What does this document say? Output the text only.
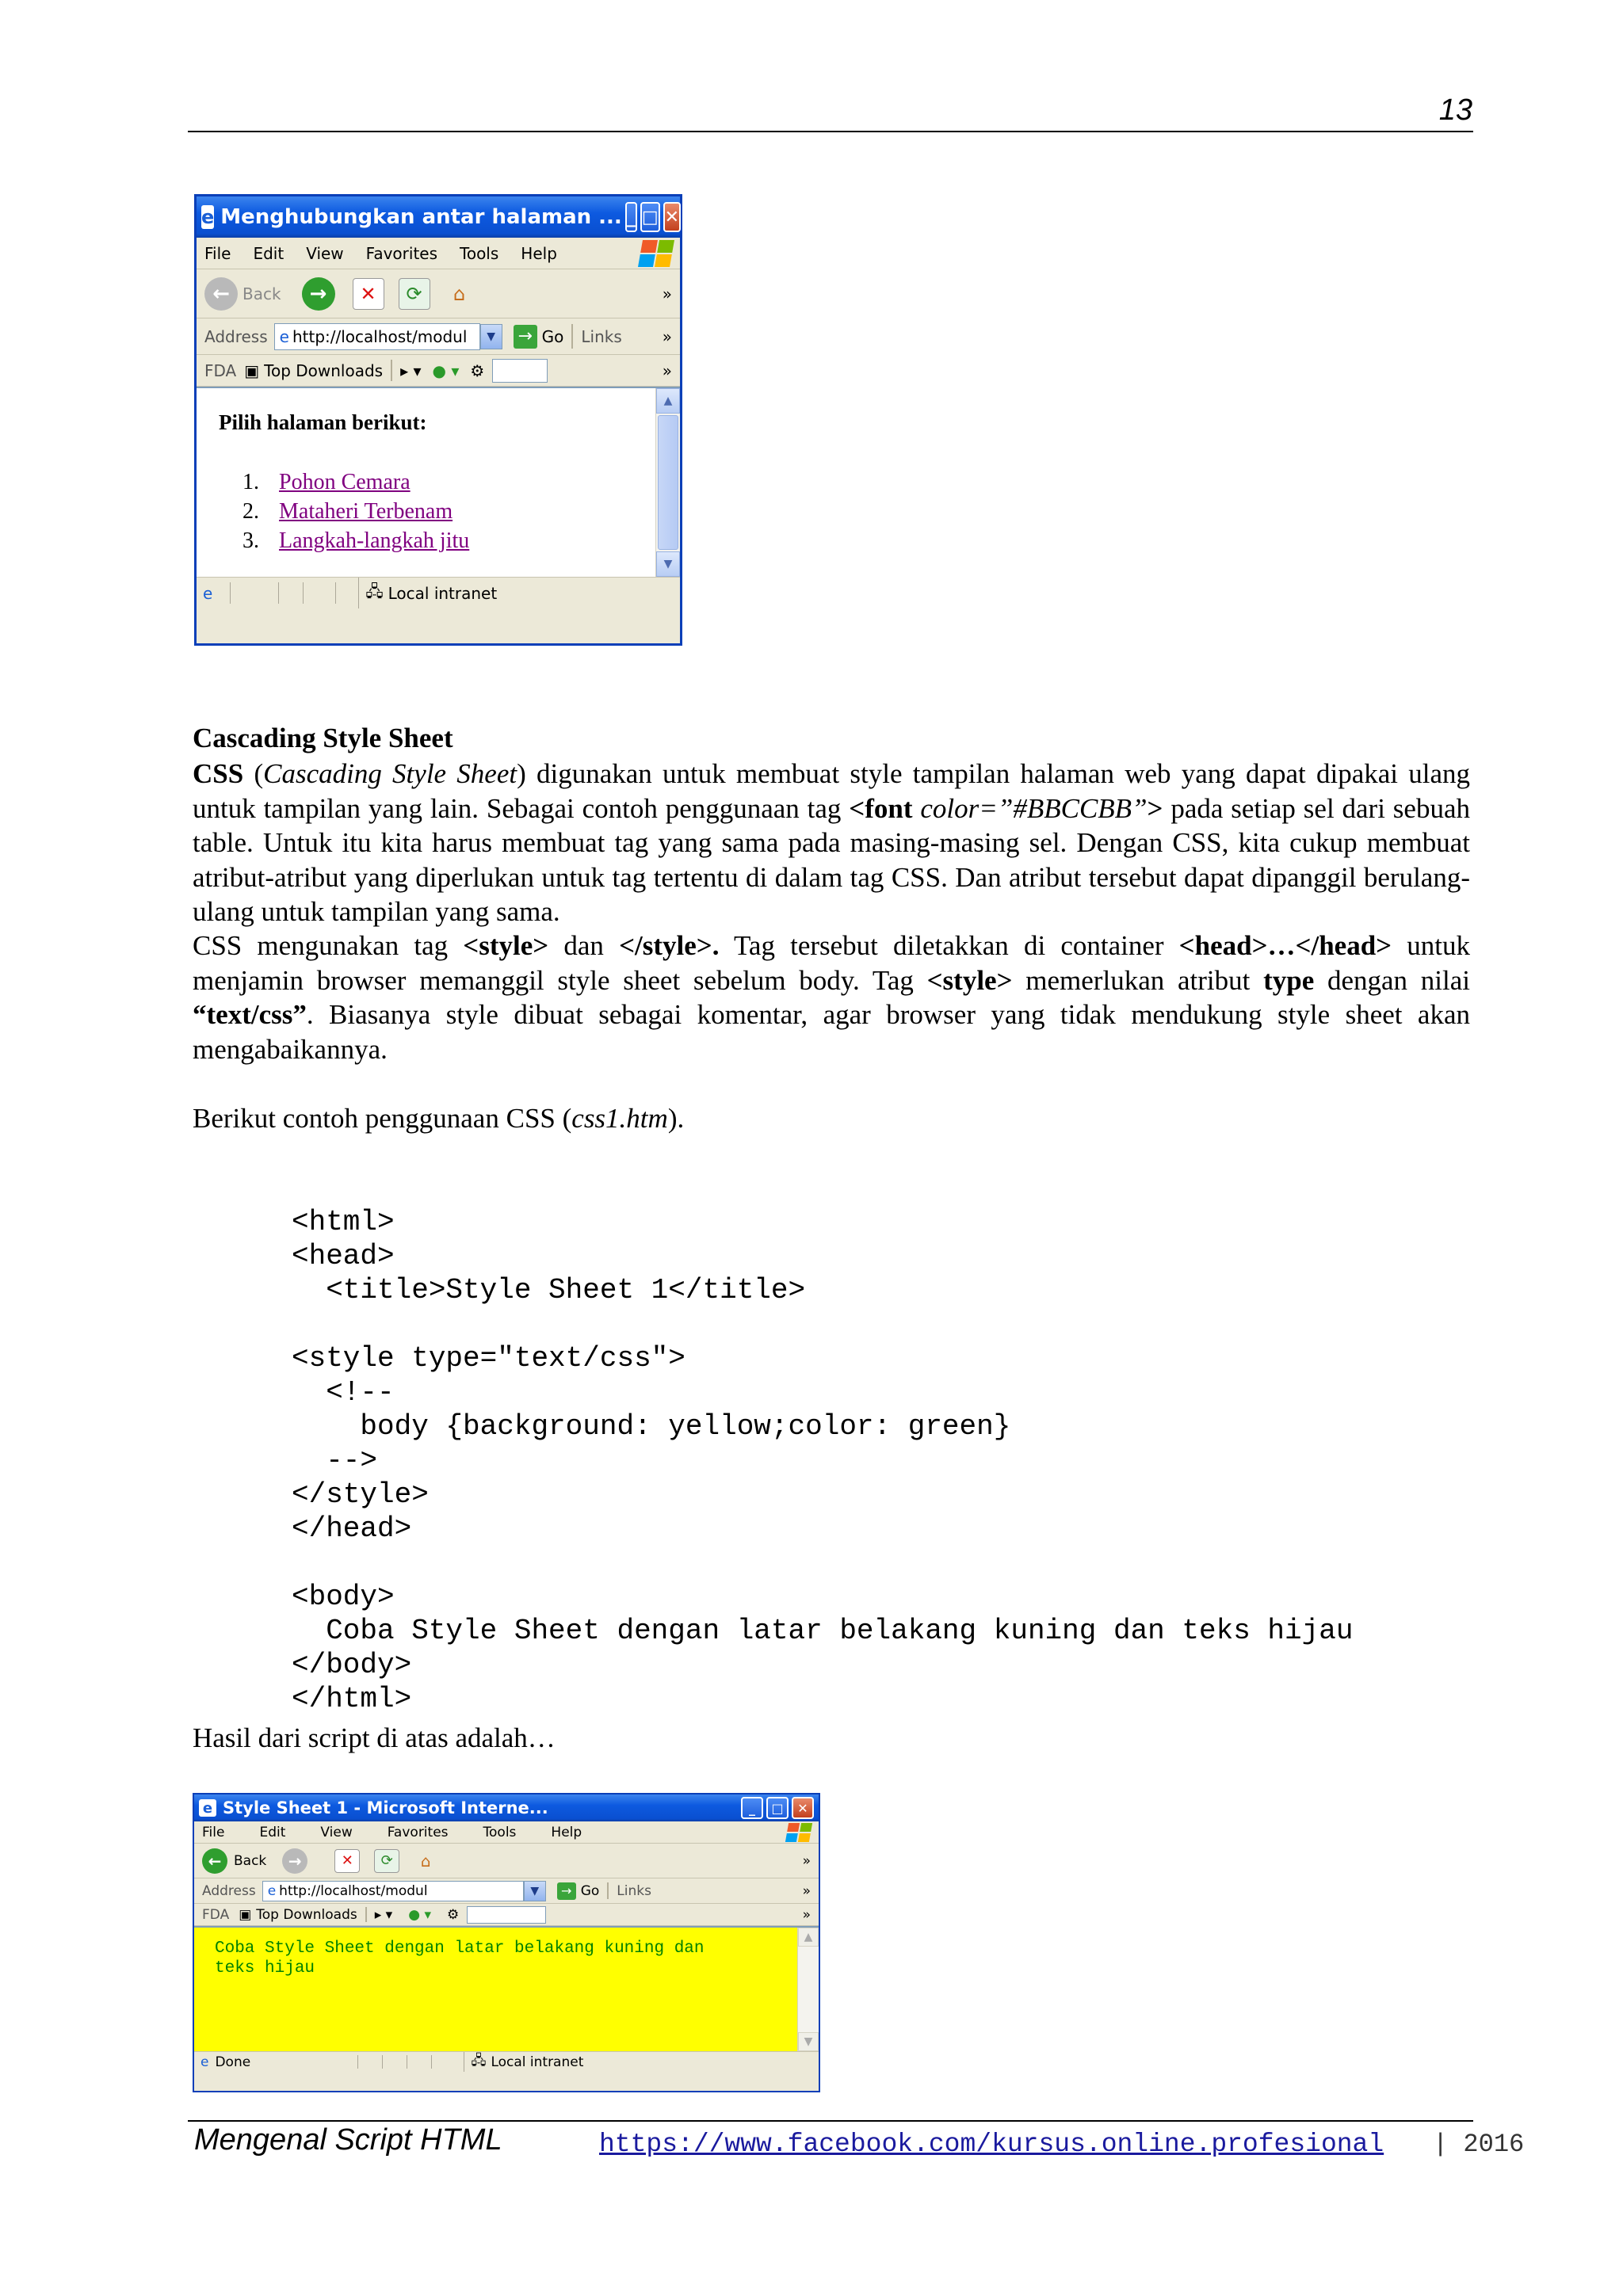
13
e Menghubungkan antar halaman ... _ □ ✕
File Edit View Favorites Tools Help
← Back	→	✕	⟳	⌂	»
Address e http://localhost/modul	▼	→ Go Links	»
FDA ▣ Top Downloads ▸ ▾ ● ▾ ⚙	»
Pilih halaman berikut:
1. Pohon Cemara
2. Mataheri Terbenam
3. Langkah-langkah jitu
▲
▼
e	🖧 Local intranet
Cascading Style Sheet
CSS (Cascading Style Sheet) digunakan untuk membuat style tampilan halaman web yang dapat dipakai ulang untuk tampilan yang lain. Sebagai contoh penggunaan tag <font color=”#BBCCBB”> pada setiap sel dari sebuah table. Untuk itu kita harus membuat tag yang sama pada masing-masing sel. Dengan CSS, kita cukup membuat atribut-atribut yang diperlukan untuk tag tertentu di dalam tag CSS. Dan atribut tersebut dapat dipanggil berulang-ulang untuk tampilan yang sama.
CSS mengunakan tag <style> dan </style>. Tag tersebut diletakkan di container <head>…</head> untuk menjamin browser memanggil style sheet sebelum body. Tag <style> memerlukan atribut type dengan nilai “text/css”. Biasanya style dibuat sebagai komentar, agar browser yang tidak mendukung style sheet akan mengabaikannya.
Berikut contoh penggunaan CSS (css1.htm).

<html>
<head>
<title>Style Sheet 1</title>

<style type="text/css">
<!--
body {background: yellow;color: green}
-->
</style>
</head>

<body>
Coba Style Sheet dengan latar belakang kuning dan teks hijau
</body>
</html>

Hasil dari script di atas adalah…
e Style Sheet 1 - Microsoft Interne...	_	□	✕
File	Edit	View	Favorites	Tools	Help
← Back	→	✕	⟳	⌂	»
Address e http://localhost/modul	▼	→ Go Links	»
FDA ▣ Top Downloads ▸ ▾ ● ▾ ⚙	»
Coba Style Sheet dengan latar belakang kuning dan teks hijau
▲
▼
e Done	🖧 Local intranet
Mengenal Script HTML	https://www.facebook.com/kursus.online.profesional | 2016
